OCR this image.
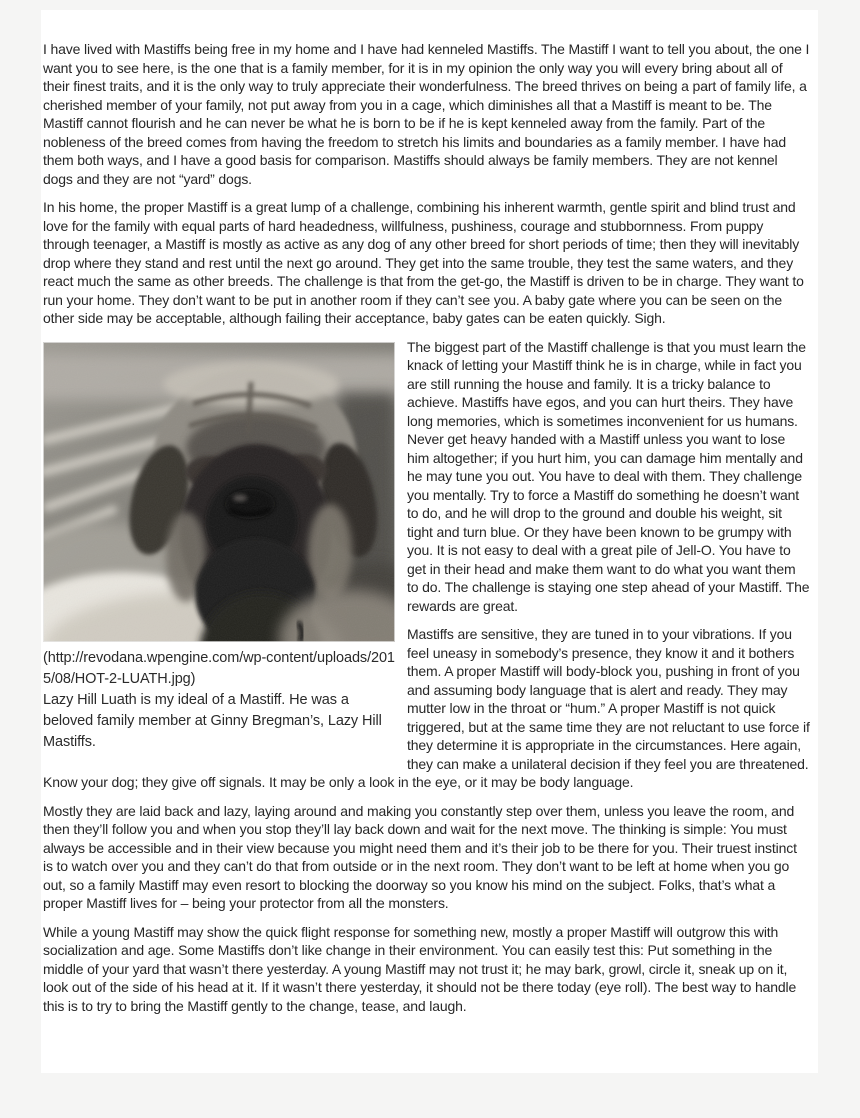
I have lived with Mastiffs being free in my home and I have had kenneled Mastiffs. The Mastiff I want to tell you about, the one I want you to see here, is the one that is a family member, for it is in my opinion the only way you will every bring about all of their finest traits, and it is the only way to truly appreciate their wonderfulness. The breed thrives on being a part of family life, a cherished member of your family, not put away from you in a cage, which diminishes all that a Mastiff is meant to be. The Mastiff cannot flourish and he can never be what he is born to be if he is kept kenneled away from the family. Part of the nobleness of the breed comes from having the freedom to stretch his limits and boundaries as a family member. I have had them both ways, and I have a good basis for comparison. Mastiffs should always be family members. They are not kennel dogs and they are not “yard” dogs.

In his home, the proper Mastiff is a great lump of a challenge, combining his inherent warmth, gentle spirit and blind trust and love for the family with equal parts of hard headedness, willfulness, pushiness, courage and stubbornness. From puppy through teenager, a Mastiff is mostly as active as any dog of any other breed for short periods of time; then they will inevitably drop where they stand and rest until the next go around. They get into the same trouble, they test the same waters, and they react much the same as other breeds. The challenge is that from the get-go, the Mastiff is driven to be in charge. They want to run your home. They don’t want to be put in another room if they can’t see you. A baby gate where you can be seen on the other side may be acceptable, although failing their acceptance, baby gates can be eaten quickly. Sigh.

(http://revodana.wpengine.com/wp-content/uploads/2015/08/HOT-2-LUATH.jpg)
Lazy Hill Luath is my ideal of a Mastiff. He was a beloved family member at Ginny Bregman’s, Lazy Hill Mastiffs.

The biggest part of the Mastiff challenge is that you must learn the knack of letting your Mastiff think he is in charge, while in fact you are still running the house and family. It is a tricky balance to achieve. Mastiffs have egos, and you can hurt theirs. They have long memories, which is sometimes inconvenient for us humans. Never get heavy handed with a Mastiff unless you want to lose him altogether; if you hurt him, you can damage him mentally and he may tune you out. You have to deal with them. They challenge you mentally. Try to force a Mastiff do something he doesn’t want to do, and he will drop to the ground and double his weight, sit tight and turn blue. Or they have been known to be grumpy with you. It is not easy to deal with a great pile of Jell-O. You have to get in their head and make them want to do what you want them to do. The challenge is staying one step ahead of your Mastiff. The rewards are great.

Mastiffs are sensitive, they are tuned in to your vibrations. If you feel uneasy in somebody’s presence, they know it and it bothers them. A proper Mastiff will body-block you, pushing in front of you and assuming body language that is alert and ready. They may mutter low in the throat or “hum.” A proper Mastiff is not quick triggered, but at the same time they are not reluctant to use force if they determine it is appropriate in the circumstances. Here again, they can make a unilateral decision if they feel you are threatened. Know your dog; they give off signals. It may be only a look in the eye, or it may be body language.

Mostly they are laid back and lazy, laying around and making you constantly step over them, unless you leave the room, and then they’ll follow you and when you stop they’ll lay back down and wait for the next move. The thinking is simple: You must always be accessible and in their view because you might need them and it’s their job to be there for you. Their truest instinct is to watch over you and they can’t do that from outside or in the next room. They don’t want to be left at home when you go out, so a family Mastiff may even resort to blocking the doorway so you know his mind on the subject. Folks, that’s what a proper Mastiff lives for – being your protector from all the monsters.

While a young Mastiff may show the quick flight response for something new, mostly a proper Mastiff will outgrow this with socialization and age. Some Mastiffs don’t like change in their environment. You can easily test this: Put something in the middle of your yard that wasn’t there yesterday. A young Mastiff may not trust it; he may bark, growl, circle it, sneak up on it, look out of the side of his head at it. If it wasn’t there yesterday, it should not be there today (eye roll). The best way to handle this is to try to bring the Mastiff gently to the change, tease, and laugh.
